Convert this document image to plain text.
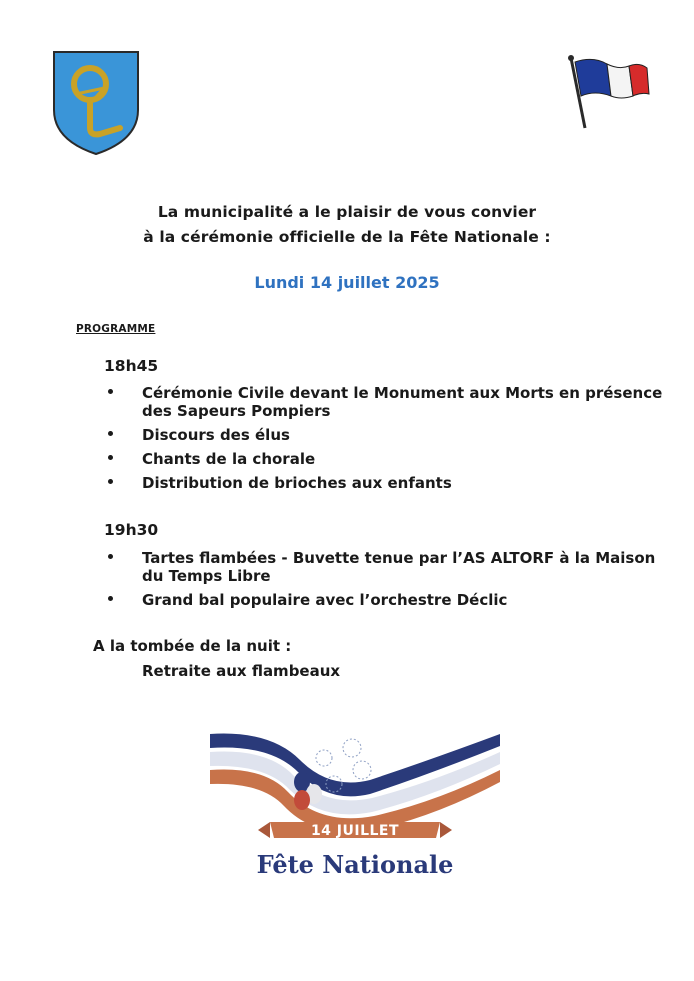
La municipalité a le plaisir de vous convier
à la cérémonie officielle de la Fête Nationale :
Lundi 14 juillet 2025
PROGRAMME
18h45
Cérémonie Civile devant le Monument aux Morts en présence des Sapeurs Pompiers
Discours des élus
Chants de la chorale
Distribution de brioches aux enfants
19h30
Tartes flambées - Buvette tenue par l’AS ALTORF à la Maison du Temps Libre
Grand bal populaire avec l’orchestre Déclic
A la tombée de la nuit :
Retraite aux flambeaux
14 JUILLET
Fête Nationale
